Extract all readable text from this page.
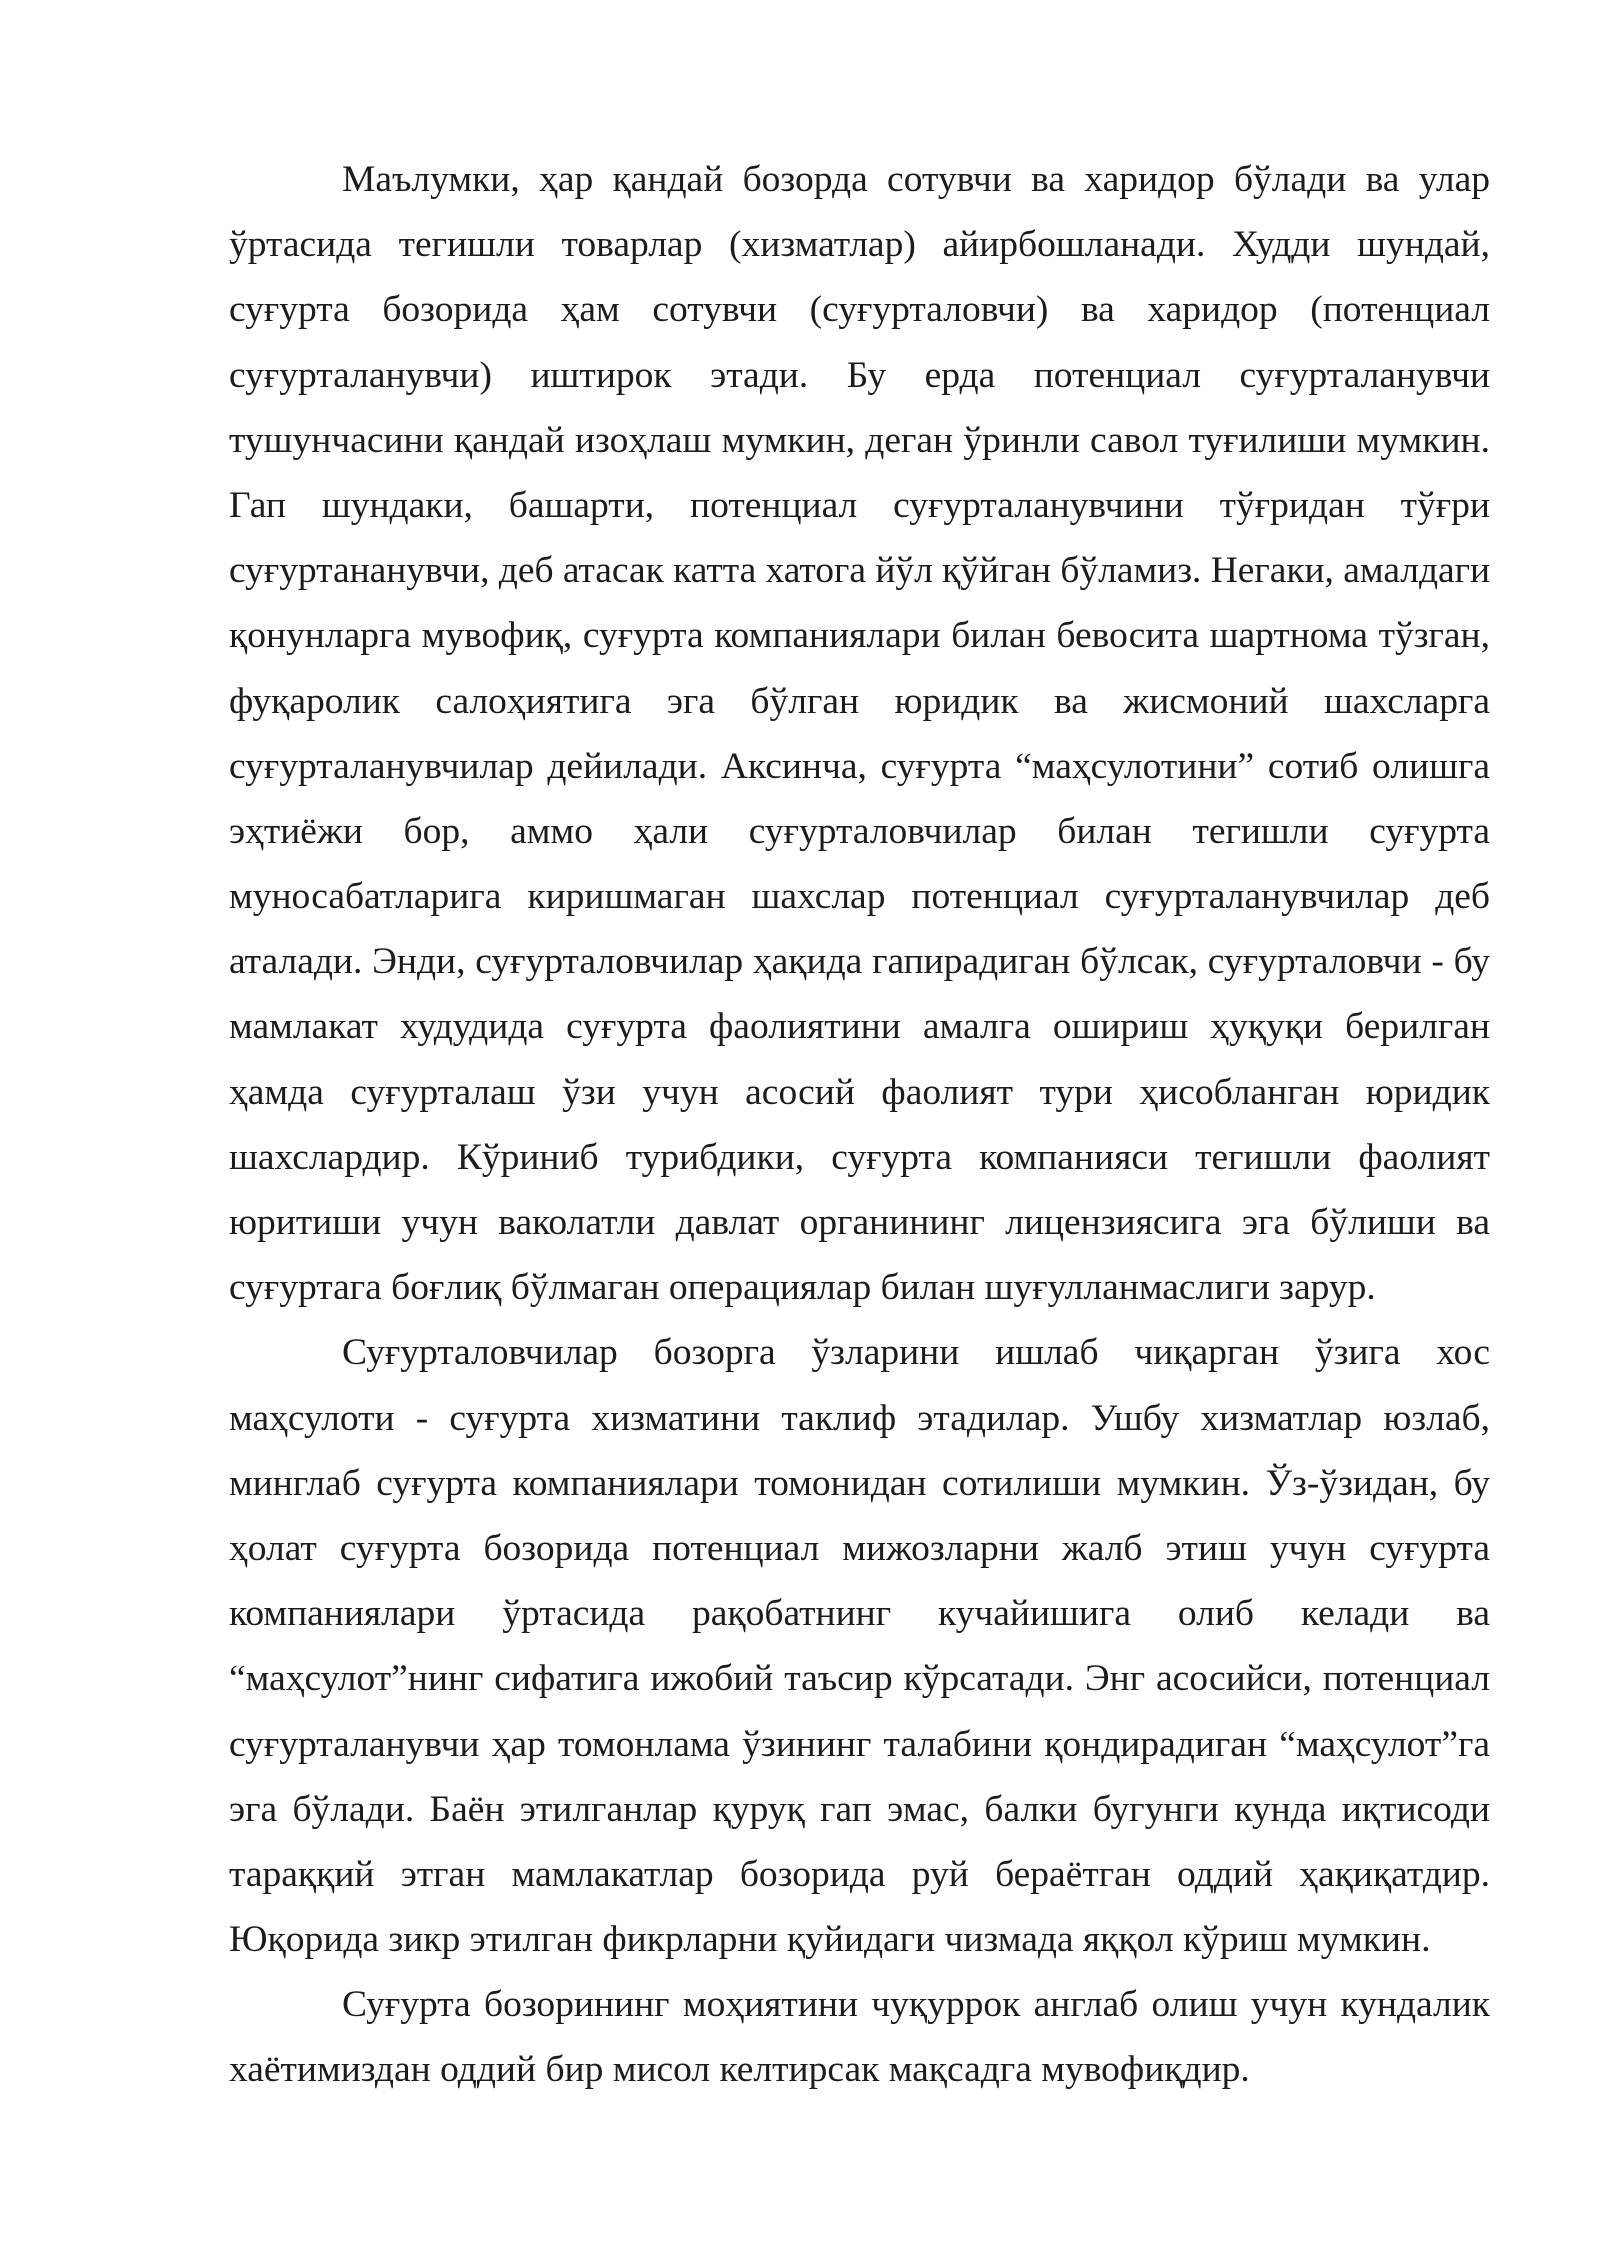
Маълумки, ҳар қандай бозорда сотувчи ва харидор бўлади ва улар
ўртасида тегишли товарлар (хизматлар) айирбошланади. Худди шундай,
суғурта бозорида ҳам сотувчи (суғурталовчи) ва харидор (потенциал
суғурталанувчи) иштирок этади. Бу ерда потенциал суғурталанувчи
тушунчасини қандай изоҳлаш мумкин, деган ўринли савол туғилиши мумкин.
Гап шундаки, башарти, потенциал суғурталанувчини тўғридан тўғри
суғуртананувчи, деб атасак катта хатога йўл қўйган бўламиз. Негаки, амалдаги
қонунларга мувофиқ, суғурта компаниялари билан бевосита шартнома тўзган,
фуқаролик салоҳиятига эга бўлган юридик ва жисмоний шахсларга
суғурталанувчилар дейилади. Аксинча, суғурта “маҳсулотини” сотиб олишга
эҳтиёжи бор, аммо ҳали суғурталовчилар билан тегишли суғурта
муносабатларига киришмаган шахслар потенциал суғурталанувчилар деб
аталади. Энди, суғурталовчилар ҳақида гапирадиган бўлсак, суғурталовчи - бу
мамлакат худудида суғурта фаолиятини амалга ошириш ҳуқуқи берилган
ҳамда суғурталаш ўзи учун асосий фаолият тури ҳисобланган юридик
шахслардир. Кўриниб турибдики, суғурта компанияси тегишли фаолият
юритиши учун ваколатли давлат органининг лицензиясига эга бўлиши ва
суғуртага боғлиқ бўлмаган операциялар билан шуғулланмаслиги зарур.
Суғурталовчилар бозорга ўзларини ишлаб чиқарган ўзига хос
маҳсулоти - суғурта хизматини таклиф этадилар. Ушбу хизматлар юзлаб,
минглаб суғурта компаниялари томонидан сотилиши мумкин. Ўз-ўзидан, бу
ҳолат суғурта бозорида потенциал мижозларни жалб этиш учун суғурта
компаниялари ўртасида рақобатнинг кучайишига олиб келади ва
“маҳсулот”нинг сифатига ижобий таъсир кўрсатади. Энг асосийси, потенциал
суғурталанувчи ҳар томонлама ўзининг талабини қондирадиган “маҳсулот”га
эга бўлади. Баён этилганлар қуруқ гап эмас, балки бугунги кунда иқтисоди
тараққий этган мамлакатлар бозорида руй бераётган оддий ҳақиқатдир.
Юқорида зикр этилган фикрларни қуйидаги чизмада яққол кўриш мумкин.
Суғурта бозорининг моҳиятини чуқуррок англаб олиш учун кундалик
хаётимиздан оддий бир мисол келтирсак мақсадга мувофиқдир.
